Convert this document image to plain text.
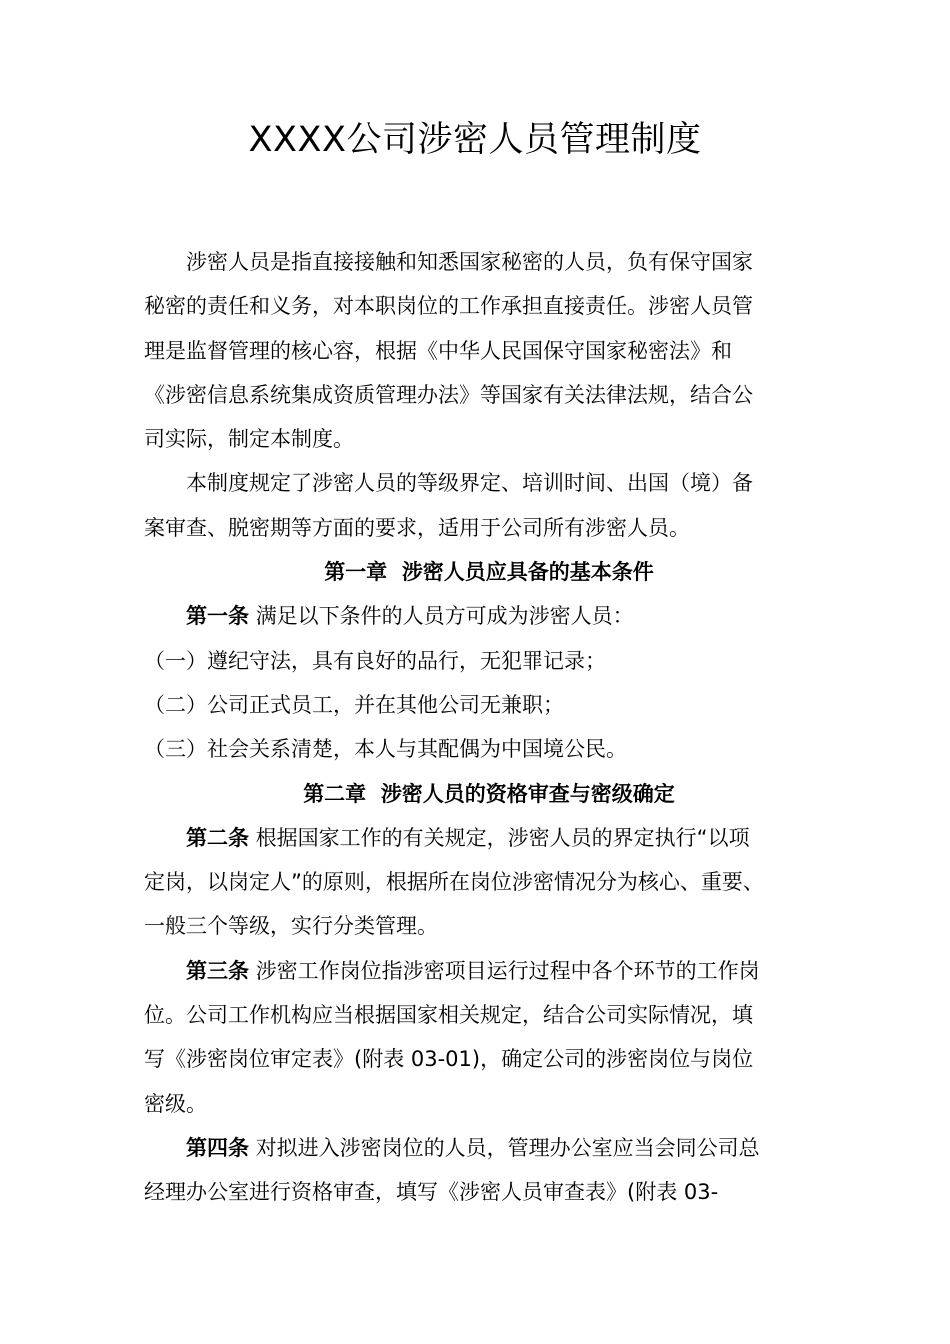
XXXX公司涉密人员管理制度

涉密人员是指直接接触和知悉国家秘密的人员，负有保守国家
秘密的责任和义务，对本职岗位的工作承担直接责任。涉密人员管
理是监督管理的核心容，根据《中华人民国保守国家秘密法》和
《涉密信息系统集成资质管理办法》等国家有关法律法规，结合公
司实际，制定本制度。

本制度规定了涉密人员的等级界定、培训时间、出国（境）备
案审查、脱密期等方面的要求，适用于公司所有涉密人员。

第一章 涉密人员应具备的基本条件

第一条 满足以下条件的人员方可成为涉密人员：

（一）遵纪守法，具有良好的品行，无犯罪记录；

（二）公司正式员工，并在其他公司无兼职；

（三）社会关系清楚，本人与其配偶为中国境公民。

第二章 涉密人员的资格审查与密级确定

第二条 根据国家工作的有关规定，涉密人员的界定执行“以项
定岗，以岗定人”的原则，根据所在岗位涉密情况分为核心、重要、
一般三个等级，实行分类管理。

第三条 涉密工作岗位指涉密项目运行过程中各个环节的工作岗
位。公司工作机构应当根据国家相关规定，结合公司实际情况，填
写《涉密岗位审定表》(附表 03-01)，确定公司的涉密岗位与岗位
密级。

第四条 对拟进入涉密岗位的人员，管理办公室应当会同公司总
经理办公室进行资格审查，填写《涉密人员审查表》(附表 03-
